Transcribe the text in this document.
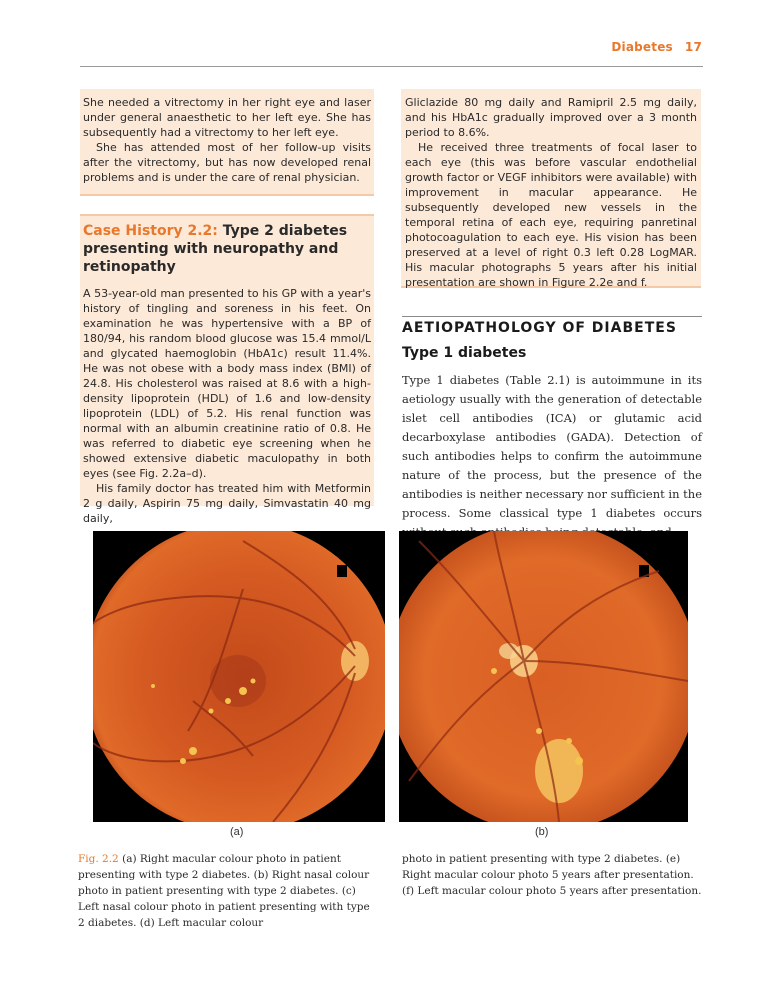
Diabetes 17

She needed a vitrectomy in her right eye and laser under general anaesthetic to her left eye. She has subsequently had a vitrectomy to her left eye.

She has attended most of her follow-up visits after the vitrectomy, but has now developed renal problems and is under the care of renal physician.

Case History 2.2: Type 2 diabetes presenting with neuropathy and retinopathy

A 53-year-old man presented to his GP with a year's history of tingling and soreness in his feet. On examination he was hypertensive with a BP of 180/94, his random blood glucose was 15.4 mmol/L and glycated haemoglobin (HbA1c) result 11.4%. He was not obese with a body mass index (BMI) of 24.8. His cholesterol was raised at 8.6 with a high-density lipoprotein (HDL) of 1.6 and low-density lipoprotein (LDL) of 5.2. His renal function was normal with an albumin creatinine ratio of 0.8. He was referred to diabetic eye screening when he showed extensive diabetic maculopathy in both eyes (see Fig. 2.2a–d).

His family doctor has treated him with Metformin 2 g daily, Aspirin 75 mg daily, Simvastatin 40 mg daily,

Gliclazide 80 mg daily and Ramipril 2.5 mg daily, and his HbA1c gradually improved over a 3 month period to 8.6%.

He received three treatments of focal laser to each eye (this was before vascular endothelial growth factor or VEGF inhibitors were available) with improvement in macular appearance. He subsequently developed new vessels in the temporal retina of each eye, requiring panretinal photocoagulation to each eye. His vision has been preserved at a level of right 0.3 left 0.28 LogMAR. His macular photographs 5 years after his initial presentation are shown in Figure 2.2e and f.

AETIOPATHOLOGY OF DIABETES
Type 1 diabetes

Type 1 diabetes (Table 2.1) is autoimmune in its aetiology usually with the generation of detectable islet cell antibodies (ICA) or glutamic acid decarboxylase antibodies (GADA). Detection of such antibodies helps to confirm the autoimmune nature of the process, but the presence of the antibodies is neither necessary nor sufficient in the process. Some classical type 1 diabetes occurs

(a)	(b)

Fig. 2.2 (a) Right macular colour photo in patient presenting with type 2 diabetes. (b) Right nasal colour photo in patient presenting with type 2 diabetes. (c) Left nasal colour photo in patient presenting with type 2 diabetes. (d) Left macular colour

photo in patient presenting with type 2 diabetes. (e) Right macular colour photo 5 years after presentation. (f) Left macular colour photo 5 years after presentation.
